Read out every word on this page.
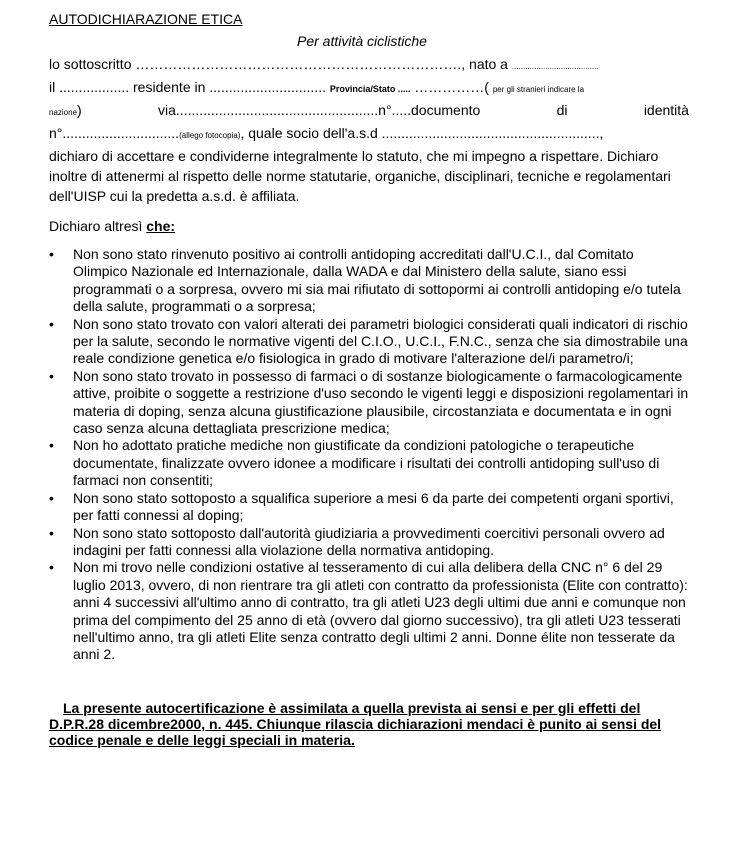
AUTODICHIARAZIONE ETICA
Per attività ciclistiche
lo sottoscritto ……………………………………………………………., nato a .......................................
il .................. residente in .............................. Provincia/Stato ..... ……………( per gli stranieri indicare la
nazione)	via....................................................n°.....documento	di	identità
n°..............................(allego fotocopia), quale socio dell'a.s.d ........................................................,

dichiaro di accettare e condividerne integralmente lo statuto, che mi impegno a rispettare. Dichiaro inoltre di attenermi al rispetto delle norme statutarie, organiche, disciplinari, tecniche e regolamentari dell'UISP cui la predetta a.s.d. è affiliata.

Dichiaro altresì che:
• Non sono stato rinvenuto positivo ai controlli antidoping accreditati dall'U.C.I., dal Comitato Olimpico Nazionale ed Internazionale, dalla WADA e dal Ministero della salute, siano essi programmati o a sorpresa, ovvero mi sia mai rifiutato di sottopormi ai controlli antidoping e/o tutela della salute, programmati o a sorpresa;
• Non sono stato trovato con valori alterati dei parametri biologici considerati quali indicatori di rischio per la salute, secondo le normative vigenti del C.I.O., U.C.I., F.N.C., senza che sia dimostrabile una reale condizione genetica e/o fisiologica in grado di motivare l'alterazione del/i parametro/i;
• Non sono stato trovato in possesso di farmaci o di sostanze biologicamente o farmacologicamente attive, proibite o soggette a restrizione d'uso secondo le vigenti leggi e disposizioni regolamentari in materia di doping, senza alcuna giustificazione plausibile, circostanziata e documentata e in ogni caso senza alcuna dettagliata prescrizione medica;
• Non ho adottato pratiche mediche non giustificate da condizioni patologiche o terapeutiche documentate, finalizzate ovvero idonee a modificare i risultati dei controlli antidoping sull'uso di farmaci non consentiti;
• Non sono stato sottoposto a squalifica superiore a mesi 6 da parte dei competenti organi sportivi, per fatti connessi al doping;
• Non sono stato sottoposto dall'autorità giudiziaria a provvedimenti coercitivi personali ovvero ad indagini per fatti connessi alla violazione della normativa antidoping.
• Non mi trovo nelle condizioni ostative al tesseramento di cui alla delibera della CNC n° 6 del 29 luglio 2013, ovvero, di non rientrare tra gli atleti con contratto da professionista (Elite con contratto): anni 4 successivi all'ultimo anno di contratto, tra gli atleti U23 degli ultimi due anni e comunque non prima del compimento del 25 anno di età (ovvero dal giorno successivo), tra gli atleti U23 tesserati nell'ultimo anno, tra gli atleti Elite senza contratto degli ultimi 2 anni. Donne élite non tesserate da anni 2.
La presente autocertificazione è assimilata a quella prevista ai sensi e per gli effetti del D.P.R.28 dicembre2000, n. 445. Chiunque rilascia dichiarazioni mendaci è punito ai sensi del codice penale e delle leggi speciali in materia.
